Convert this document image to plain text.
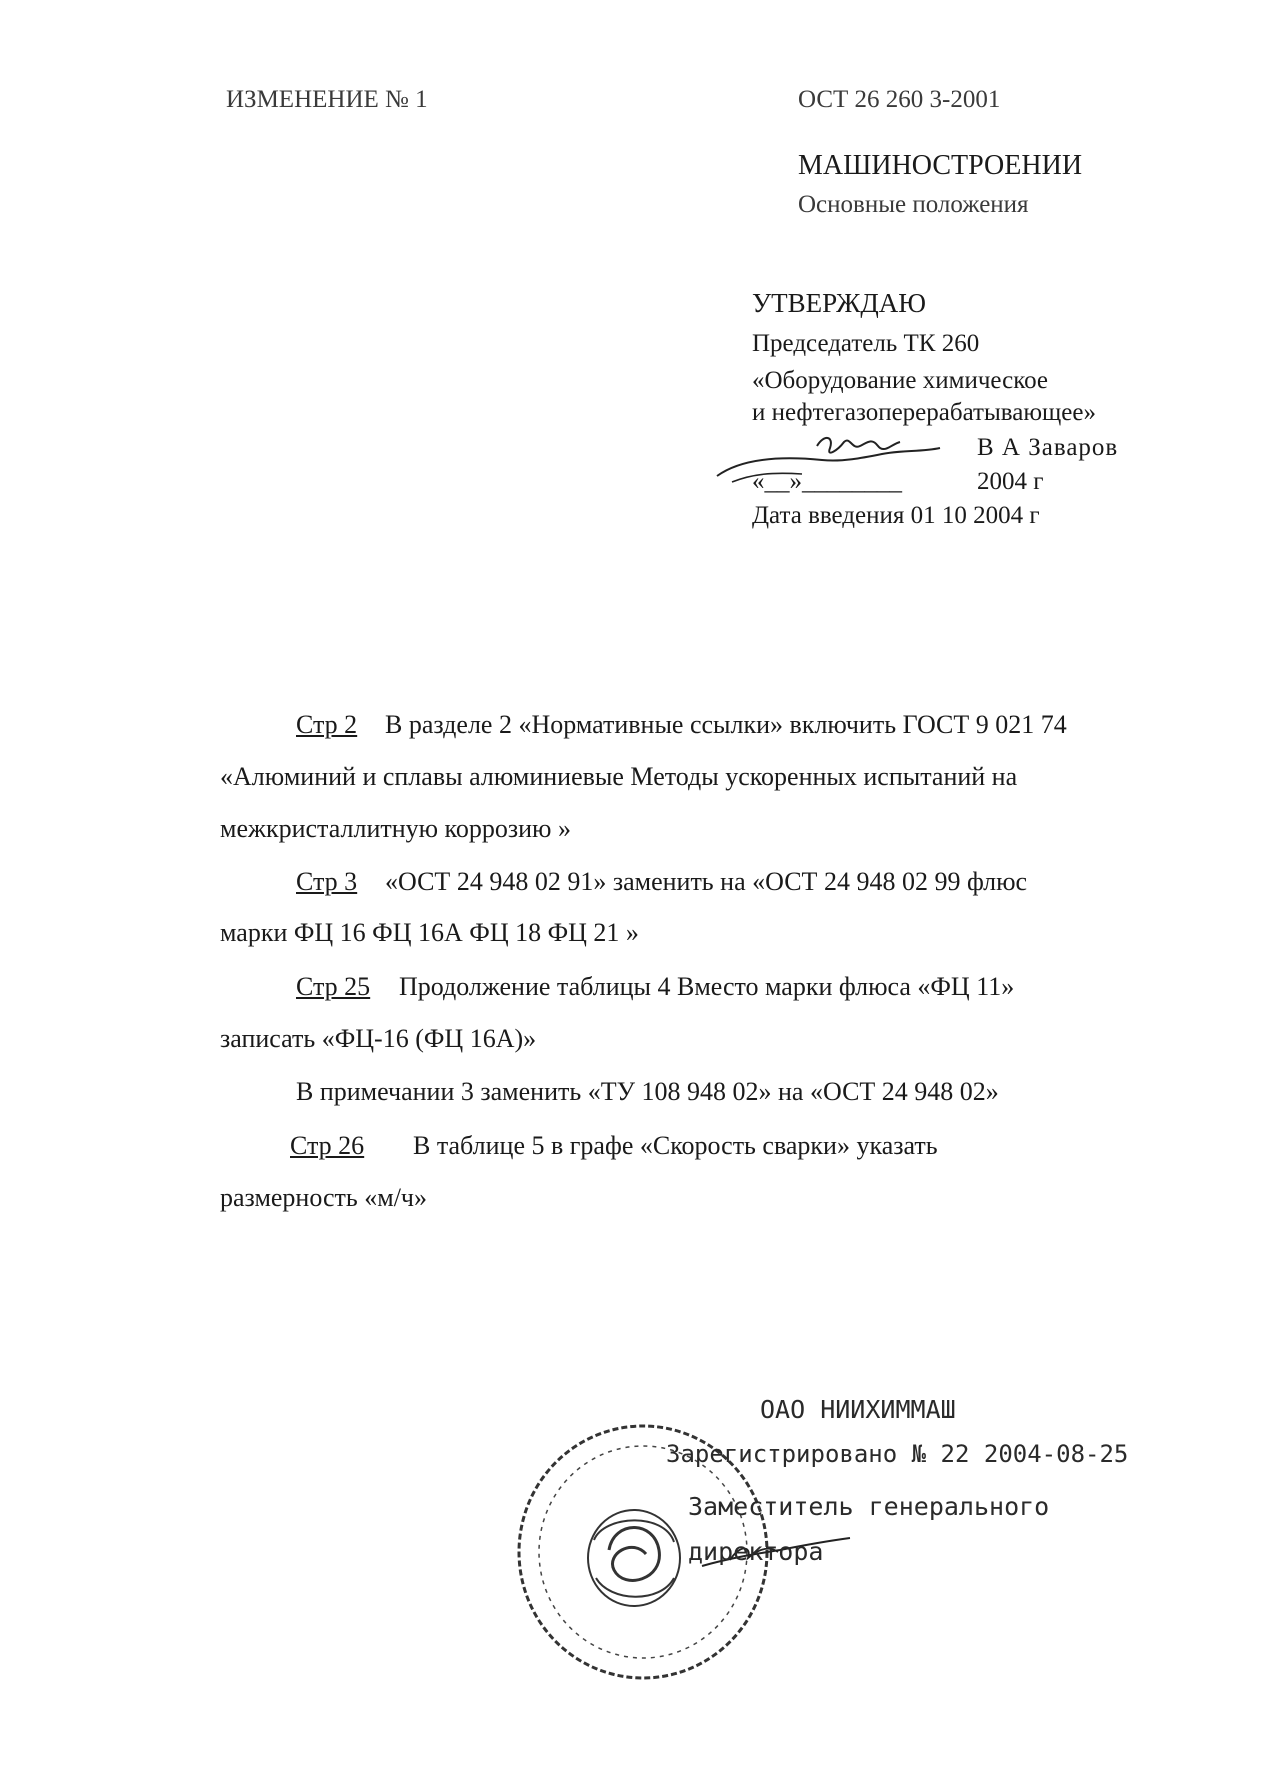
ИЗМЕНЕНИЕ № 1	ОСТ 26 260 3-2001
МАШИНОСТРОЕНИИ
Основные положения
УТВЕРЖДАЮ
Председатель ТК 260
«Оборудование химическое
и нефтегазоперерабатывающее»
В А Заваров
«__»________	2004 г
Дата введения 01 10 2004 г
Стр 2 В разделе 2 «Нормативные ссылки» включить ГОСТ 9 021 74
«Алюминий и сплавы алюминиевые Методы ускоренных испытаний на
межкристаллитную коррозию »
Стр 3 «ОСТ 24 948 02 91» заменить на «ОСТ 24 948 02 99 флюс
марки ФЦ 16 ФЦ 16А ФЦ 18 ФЦ 21 »
Стр 25 Продолжение таблицы 4 Вместо марки флюса «ФЦ 11»
записать «ФЦ-16 (ФЦ 16А)»
В примечании 3 заменить «ТУ 108 948 02» на «ОСТ 24 948 02»
Стр 26 В таблице 5 в графе «Скорость сварки» указать
размерность «м/ч»
ОАО НИИХИММАШ
Зарегистрировано № 22 2004-08-25
Заместитель генерального
директора
